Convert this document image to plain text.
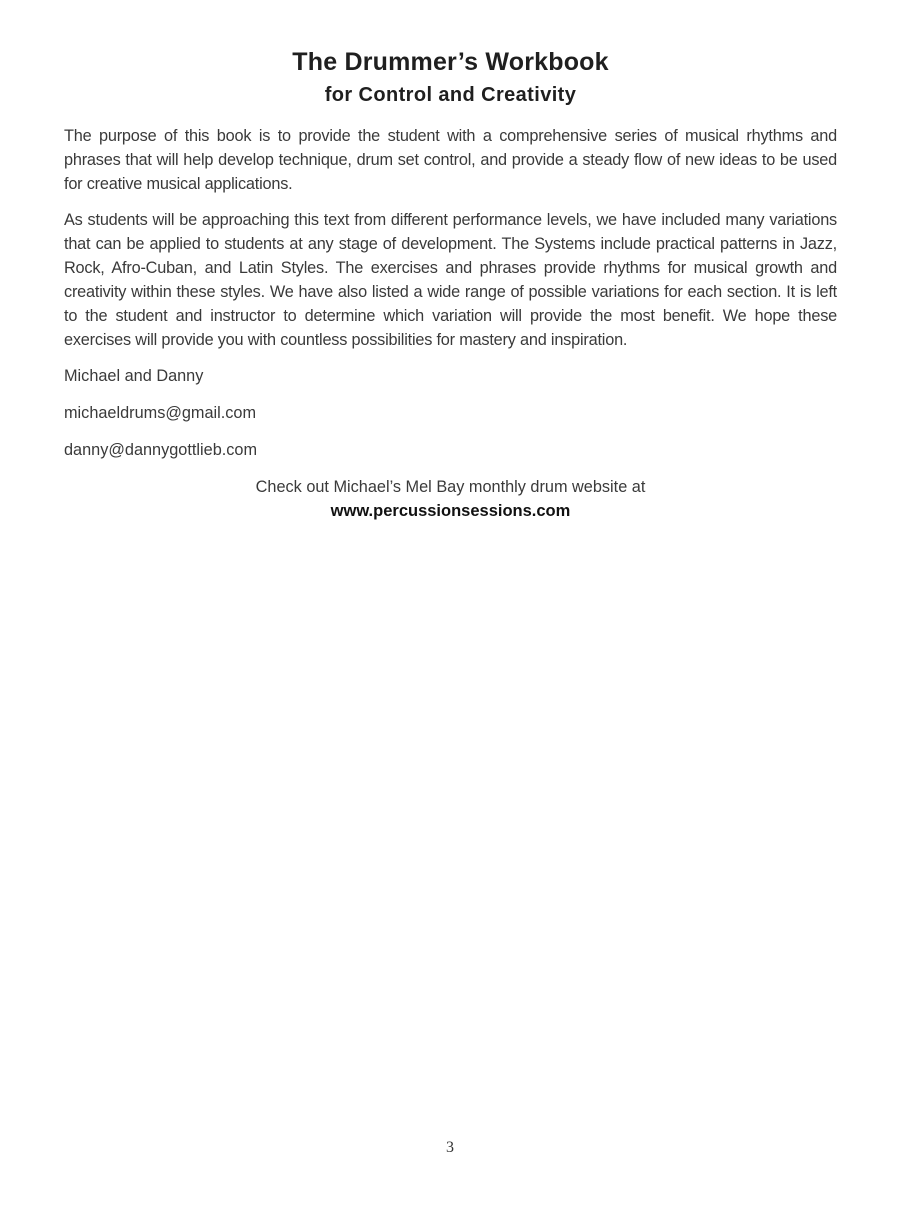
The Drummer’s Workbook
for Control and Creativity

The purpose of this book is to provide the student with a comprehensive series of musical rhythms and phrases that will help develop technique, drum set control, and provide a steady flow of new ideas to be used for creative musical applications.

As students will be approaching this text from different performance levels, we have included many variations that can be applied to students at any stage of development. The Systems include practical patterns in Jazz, Rock, Afro-Cuban, and Latin Styles. The exercises and phrases provide rhythms for musical growth and creativity within these styles. We have also listed a wide range of possible variations for each section. It is left to the student and instructor to determine which variation will provide the most benefit. We hope these exercises will provide you with countless possibilities for mastery and inspiration.

Michael and Danny

michaeldrums@gmail.com

danny@dannygottlieb.com

Check out Michael’s Mel Bay monthly drum website at

www.percussionsessions.com

3
